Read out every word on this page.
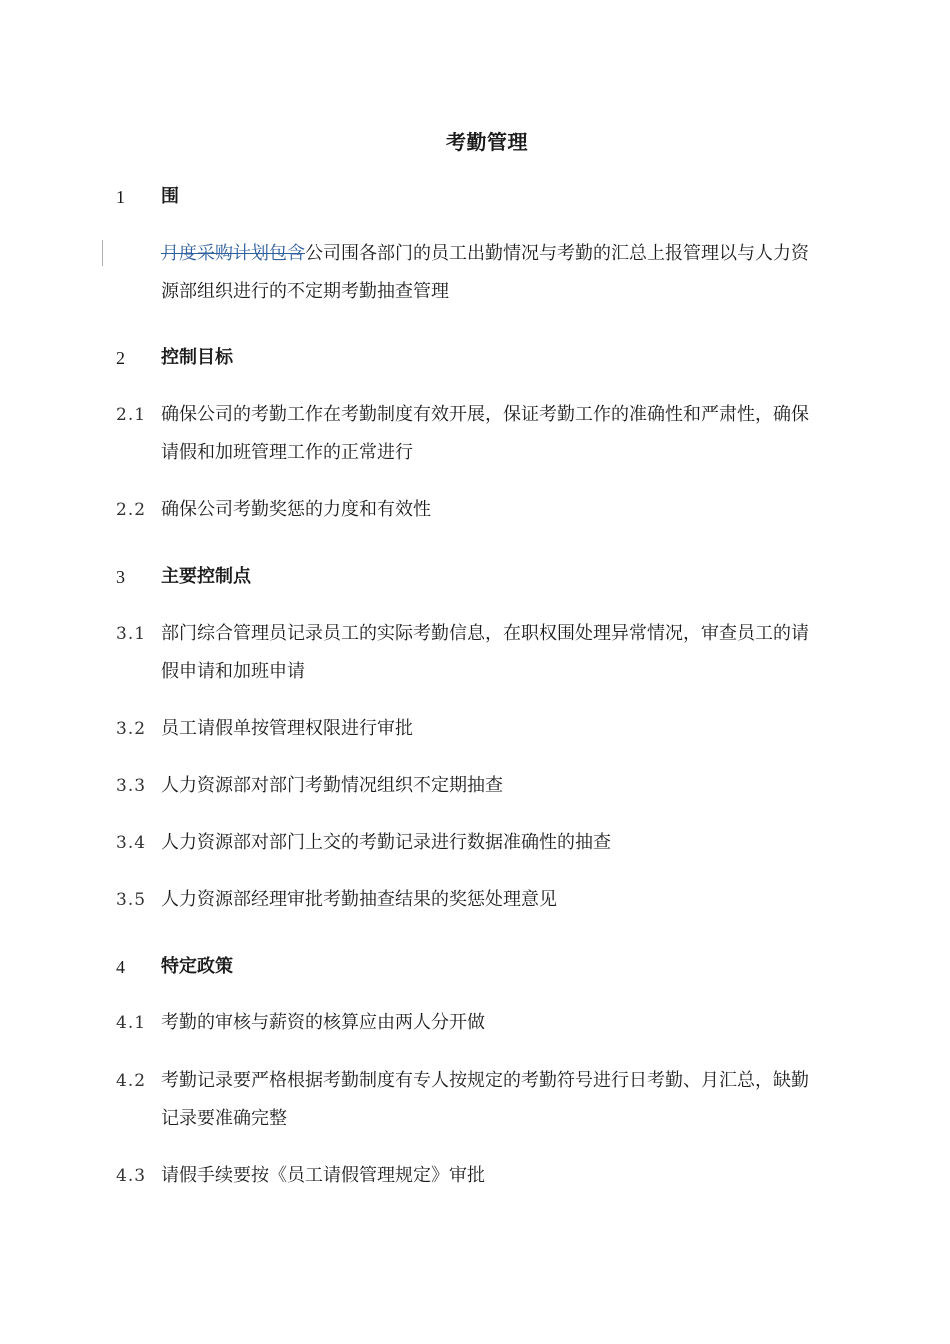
考勤管理
1 围
月度采购计划包含公司围各部门的员工出勤情况与考勤的汇总上报管理以与人力资
源部组织进行的不定期考勤抽查管理
2 控制目标
2.1 确保公司的考勤工作在考勤制度有效开展，保证考勤工作的准确性和严肃性，确保
请假和加班管理工作的正常进行
2.2 确保公司考勤奖惩的力度和有效性
3 主要控制点
3.1 部门综合管理员记录员工的实际考勤信息，在职权围处理异常情况，审查员工的请
假申请和加班申请
3.2 员工请假单按管理权限进行审批
3.3 人力资源部对部门考勤情况组织不定期抽查
3.4 人力资源部对部门上交的考勤记录进行数据准确性的抽查
3.5 人力资源部经理审批考勤抽查结果的奖惩处理意见
4 特定政策
4.1 考勤的审核与薪资的核算应由两人分开做
4.2 考勤记录要严格根据考勤制度有专人按规定的考勤符号进行日考勤、月汇总，缺勤
记录要准确完整
4.3 请假手续要按《员工请假管理规定》审批
